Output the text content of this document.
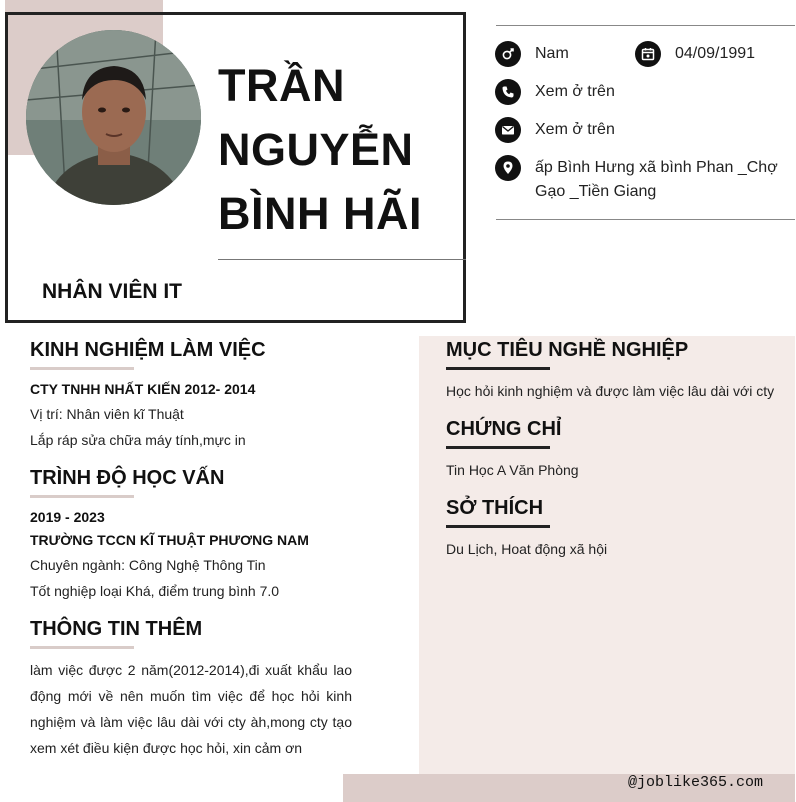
TRẦN
NGUYỄN
BÌNH HÃI
NHÂN VIÊN IT
Nam	04/09/1991
Xem ở trên
Xem ở trên
ấp Bình Hưng xã bình Phan _Chợ
Gạo _Tiền Giang
KINH NGHIỆM LÀM VIỆC
CTY TNHH NHẤT KIẾN 2012- 2014
Vị trí: Nhân viên kĩ Thuật
Lắp ráp sửa chữa máy tính,mực in
TRÌNH ĐỘ HỌC VẤN
2019 - 2023
TRƯỜNG TCCN KĨ THUẬT PHƯƠNG NAM
Chuyên ngành: Công Nghệ Thông Tin
Tốt nghiệp loại Khá, điểm trung bình 7.0
THÔNG TIN THÊM
làm việc được 2 năm(2012-2014),đi xuất khẩu lao động mới về nên muốn tìm việc để học hỏi kinh nghiệm và làm việc lâu dài với cty àh,mong cty tạo xem xét điều kiện được học hỏi, xin cảm ơn
MỤC TIÊU NGHỀ NGHIỆP
Học hỏi kinh nghiệm và được làm việc lâu dài với cty
CHỨNG CHỈ
Tin Học A Văn Phòng
SỞ THÍCH
Du Lịch, Hoat động xã hội
@joblike365.com
